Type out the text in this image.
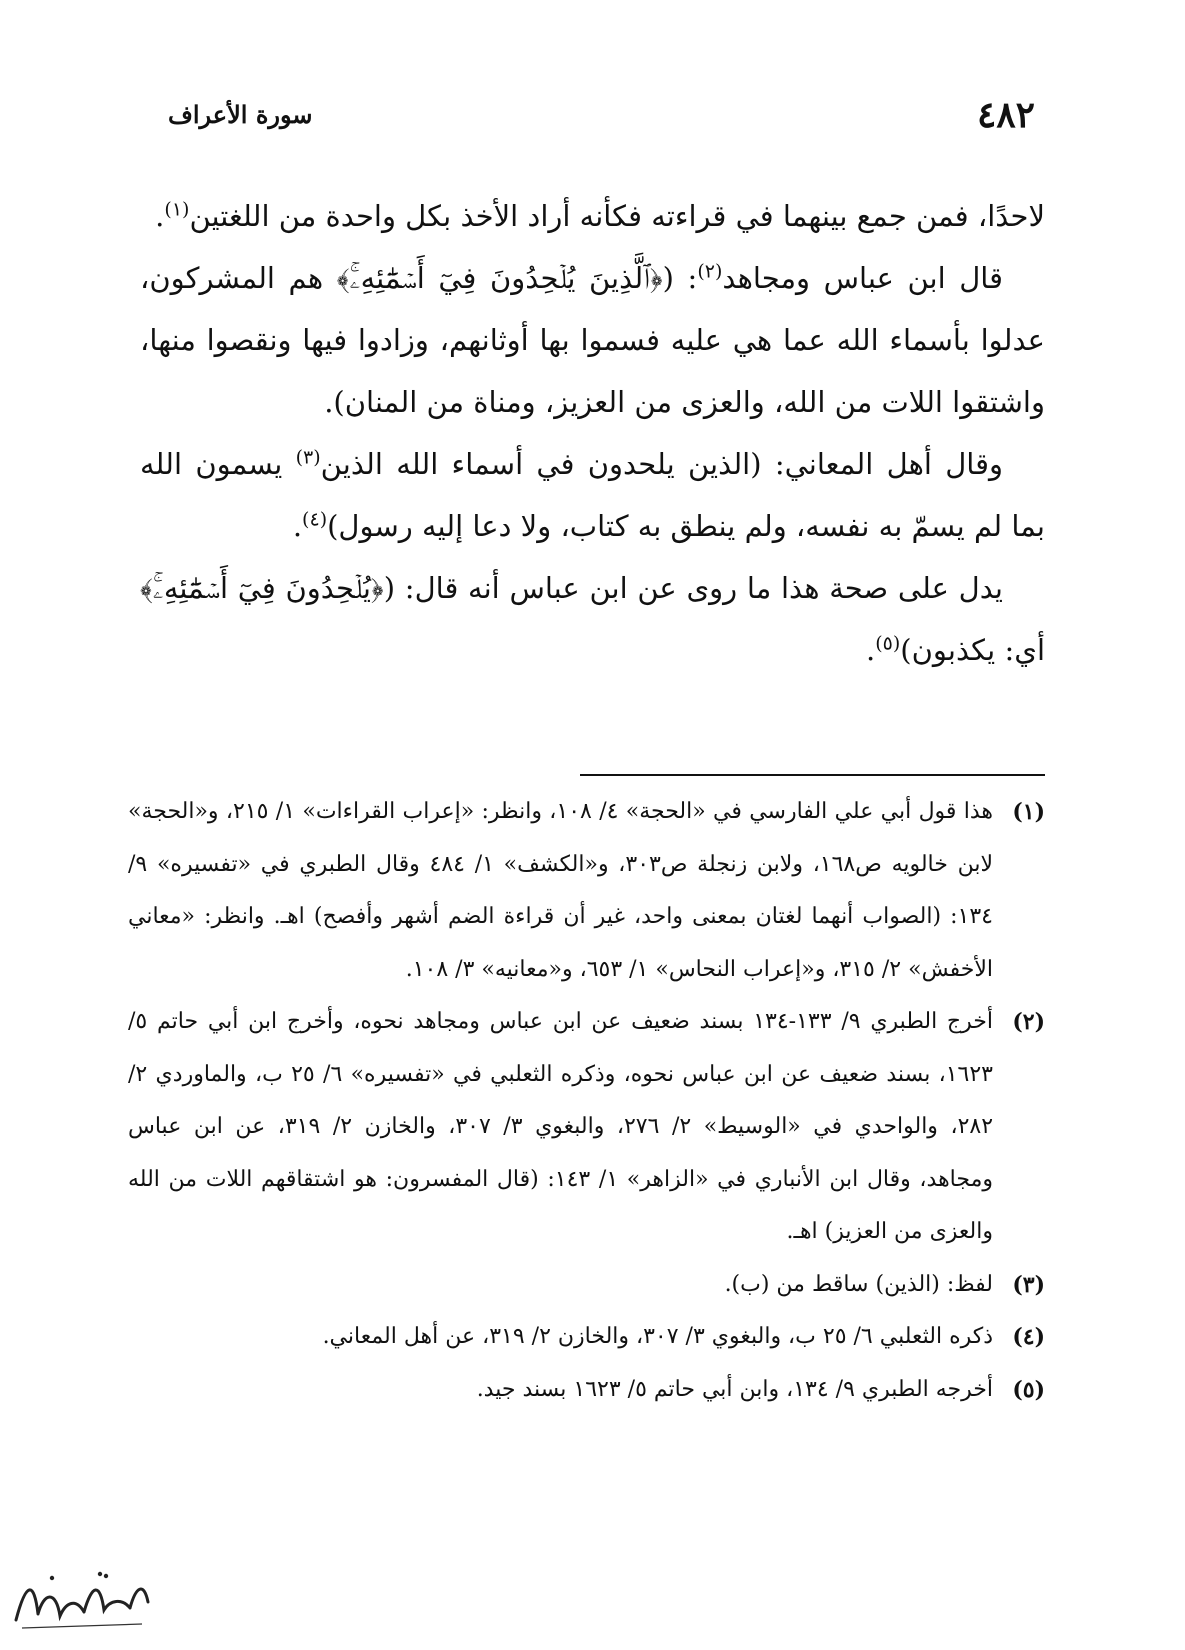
٤٨٢
سورة الأعراف

لاحدًا، فمن جمع بينهما في قراءته فكأنه أراد الأخذ بكل واحدة من اللغتين$^{(١)}$.

قال ابن عباس ومجاهد$^{(٢)}$: (﴿ٱلَّذِينَ يُلۡحِدُونَ فِيٓ أَسۡمَٰٓئِهِۦۚ﴾ هم المشركون، عدلوا بأسماء الله عما هي عليه فسموا بها أوثانهم، وزادوا فيها ونقصوا منها، واشتقوا اللات من الله، والعزى من العزيز، ومناة من المنان).

وقال أهل المعاني: (الذين يلحدون في أسماء الله الذين$^{(٣)}$ يسمون الله بما لم يسمّ به نفسه، ولم ينطق به كتاب، ولا دعا إليه رسول)$^{(٤)}$.

يدل على صحة هذا ما روى عن ابن عباس أنه قال: (﴿يُلۡحِدُونَ فِيٓ أَسۡمَٰٓئِهِۦۚ﴾ أي: يكذبون)$^{(٥)}$.

(١)
هذا قول أبي علي الفارسي في «الحجة» ٤/ ١٠٨، وانظر: «إعراب القراءات» ١/ ٢١٥، و«الحجة» لابن خالويه ص١٦٨، ولابن زنجلة ص٣٠٣، و«الكشف» ١/ ٤٨٤ وقال الطبري في «تفسيره» ٩/ ١٣٤: (الصواب أنهما لغتان بمعنى واحد، غير أن قراءة الضم أشهر وأفصح) اهـ. وانظر: «معاني الأخفش» ٢/ ٣١٥، و«إعراب النحاس» ١/ ٦٥٣، و«معانيه» ٣/ ١٠٨.
(٢)
أخرج الطبري ٩/ ١٣٣-١٣٤ بسند ضعيف عن ابن عباس ومجاهد نحوه، وأخرج ابن أبي حاتم ٥/ ١٦٢٣، بسند ضعيف عن ابن عباس نحوه، وذكره الثعلبي في «تفسيره» ٦/ ٢٥ ب، والماوردي ٢/ ٢٨٢، والواحدي في «الوسيط» ٢/ ٢٧٦، والبغوي ٣/ ٣٠٧، والخازن ٢/ ٣١٩، عن ابن عباس ومجاهد، وقال ابن الأنباري في «الزاهر» ١/ ١٤٣: (قال المفسرون: هو اشتقاقهم اللات من الله والعزى من العزيز) اهـ.
(٣)
لفظ: (الذين) ساقط من (ب).
(٤)
ذكره الثعلبي ٦/ ٢٥ ب، والبغوي ٣/ ٣٠٧، والخازن ٢/ ٣١٩، عن أهل المعاني.
(٥)
أخرجه الطبري ٩/ ١٣٤، وابن أبي حاتم ٥/ ١٦٢٣ بسند جيد.
